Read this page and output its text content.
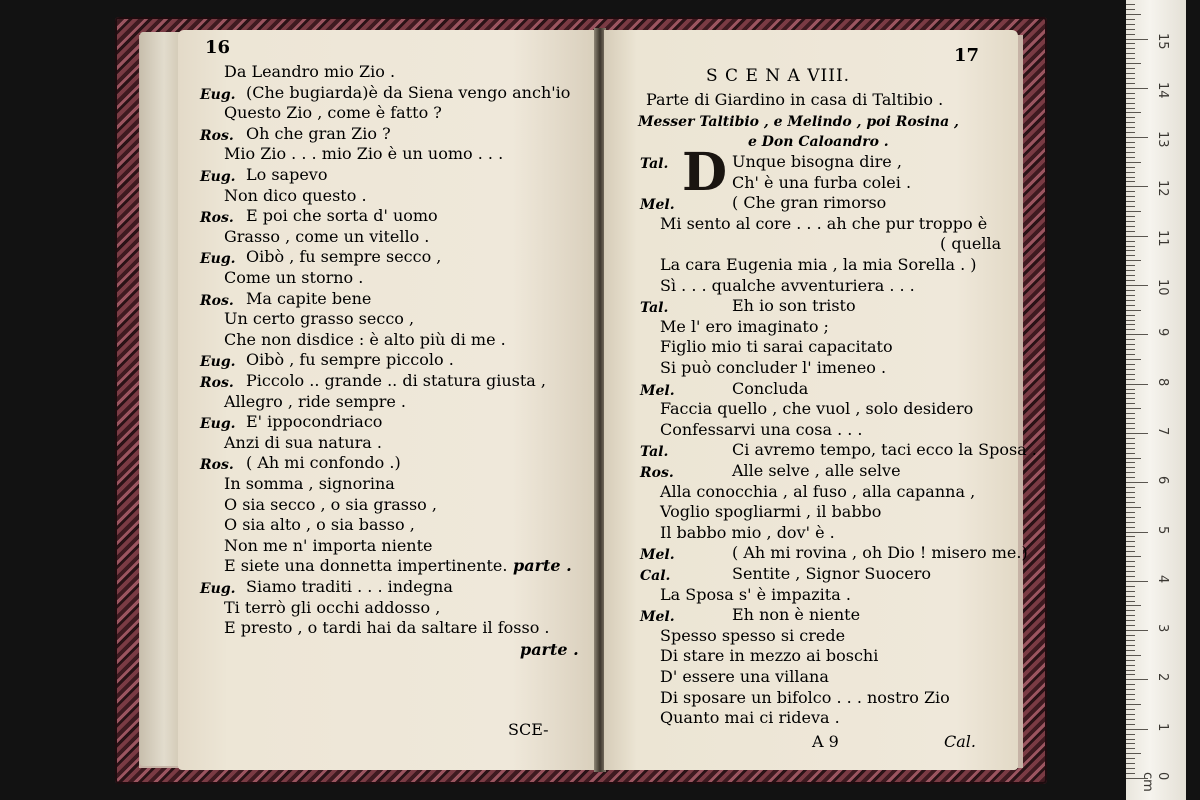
16
Da Leandro mio Zio .
Eug. (Che bugiarda)è da Siena vengo anch'io
Questo Zio , come è fatto ?
Ros. Oh che gran Zio ?
Mio Zio . . . mio Zio è un uomo . . .
Eug. Lo sapevo
Non dico questo .
Ros. E poi che sorta d' uomo
Grasso , come un vitello .
Eug. Oibò , fu sempre secco ,
Come un storno .
Ros. Ma capite bene
Un certo grasso secco ,
Che non disdice : è alto più di me .
Eug. Oibò , fu sempre piccolo .
Ros. Piccolo .. grande .. di statura giusta ,
Allegro , ride sempre .
Eug. E' ippocondriaco
Anzi di sua natura .
Ros. ( Ah mi confondo .)
In somma , signorina
O sia secco , o sia grasso ,
O sia alto , o sia basso ,
Non me n' importa niente
E siete una donnetta impertinente. parte .
Eug. Siamo traditi . . . indegna
Ti terrò gli occhi addosso ,
E presto , o tardi hai da saltare il fosso .
parte .
SCE-
17
S C E N A VIII.
Parte di Giardino in casa di Taltibio .
Messer Taltibio , e Melindo , poi Rosina ,
e Don Caloandro .
D
Tal.	Unque bisogna dire ,
Ch' è una furba colei .
Mel.	( Che gran rimorso
Mi sento al core . . . ah che pur troppo è
( quella
La cara Eugenia mia , la mia Sorella . )
Sì . . . qualche avventuriera . . .
Tal.	Eh io son tristo
Me l' ero imaginato ;
Figlio mio ti sarai capacitato
Si può concluder l' imeneo .
Mel.	Concluda
Faccia quello , che vuol , solo desidero
Confessarvi una cosa . . .
Tal.	Ci avremo tempo, taci ecco la Sposa .
Ros.	Alle selve , alle selve
Alla conocchia , al fuso , alla capanna ,
Voglio spogliarmi , il babbo
Il babbo mio , dov' è .
Mel.	( Ah mi rovina , oh Dio ! misero me.)
Cal.	Sentite , Signor Suocero
La Sposa s' è impazita .
Mel.	Eh non è niente
Spesso spesso si crede
Di stare in mezzo ai boschi
D' essere una villana
Di sposare un bifolco . . . nostro Zio
Quanto mai ci rideva .
A 9	Cal.
0 cm
1
2
3
4
5
6
7
8
9
10
11
12
13
14
15
